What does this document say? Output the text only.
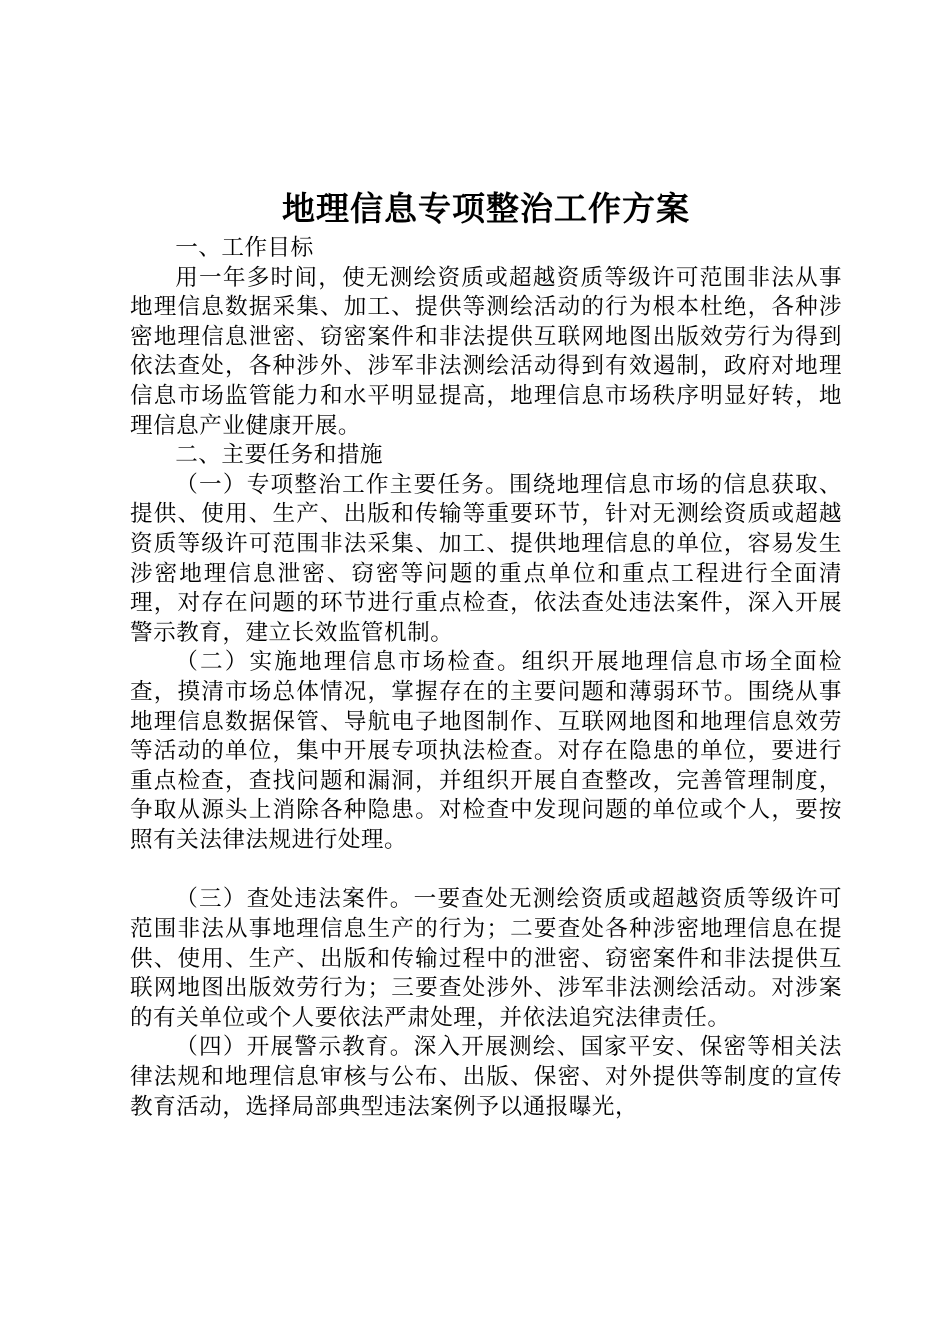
地理信息专项整治工作方案

一、工作目标

用一年多时间，使无测绘资质或超越资质等级许可范围非法从事地理信息数据采集、加工、提供等测绘活动的行为根本杜绝，各种涉密地理信息泄密、窃密案件和非法提供互联网地图出版效劳行为得到依法查处，各种涉外、涉军非法测绘活动得到有效遏制，政府对地理信息市场监管能力和水平明显提高，地理信息市场秩序明显好转，地理信息产业健康开展。

二、主要任务和措施

（一）专项整治工作主要任务。围绕地理信息市场的信息获取、提供、使用、生产、出版和传输等重要环节，针对无测绘资质或超越资质等级许可范围非法采集、加工、提供地理信息的单位，容易发生涉密地理信息泄密、窃密等问题的重点单位和重点工程进行全面清理，对存在问题的环节进行重点检查，依法查处违法案件，深入开展警示教育，建立长效监管机制。

（二）实施地理信息市场检查。组织开展地理信息市场全面检查，摸清市场总体情况，掌握存在的主要问题和薄弱环节。围绕从事地理信息数据保管、导航电子地图制作、互联网地图和地理信息效劳等活动的单位，集中开展专项执法检查。对存在隐患的单位，要进行重点检查，查找问题和漏洞，并组织开展自查整改，完善管理制度，争取从源头上消除各种隐患。对检查中发现问题的单位或个人，要按照有关法律法规进行处理。

（三）查处违法案件。一要查处无测绘资质或超越资质等级许可范围非法从事地理信息生产的行为；二要查处各种涉密地理信息在提供、使用、生产、出版和传输过程中的泄密、窃密案件和非法提供互联网地图出版效劳行为；三要查处涉外、涉军非法测绘活动。对涉案的有关单位或个人要依法严肃处理，并依法追究法律责任。

（四）开展警示教育。深入开展测绘、国家平安、保密等相关法律法规和地理信息审核与公布、出版、保密、对外提供等制度的宣传教育活动，选择局部典型违法案例予以通报曝光，
